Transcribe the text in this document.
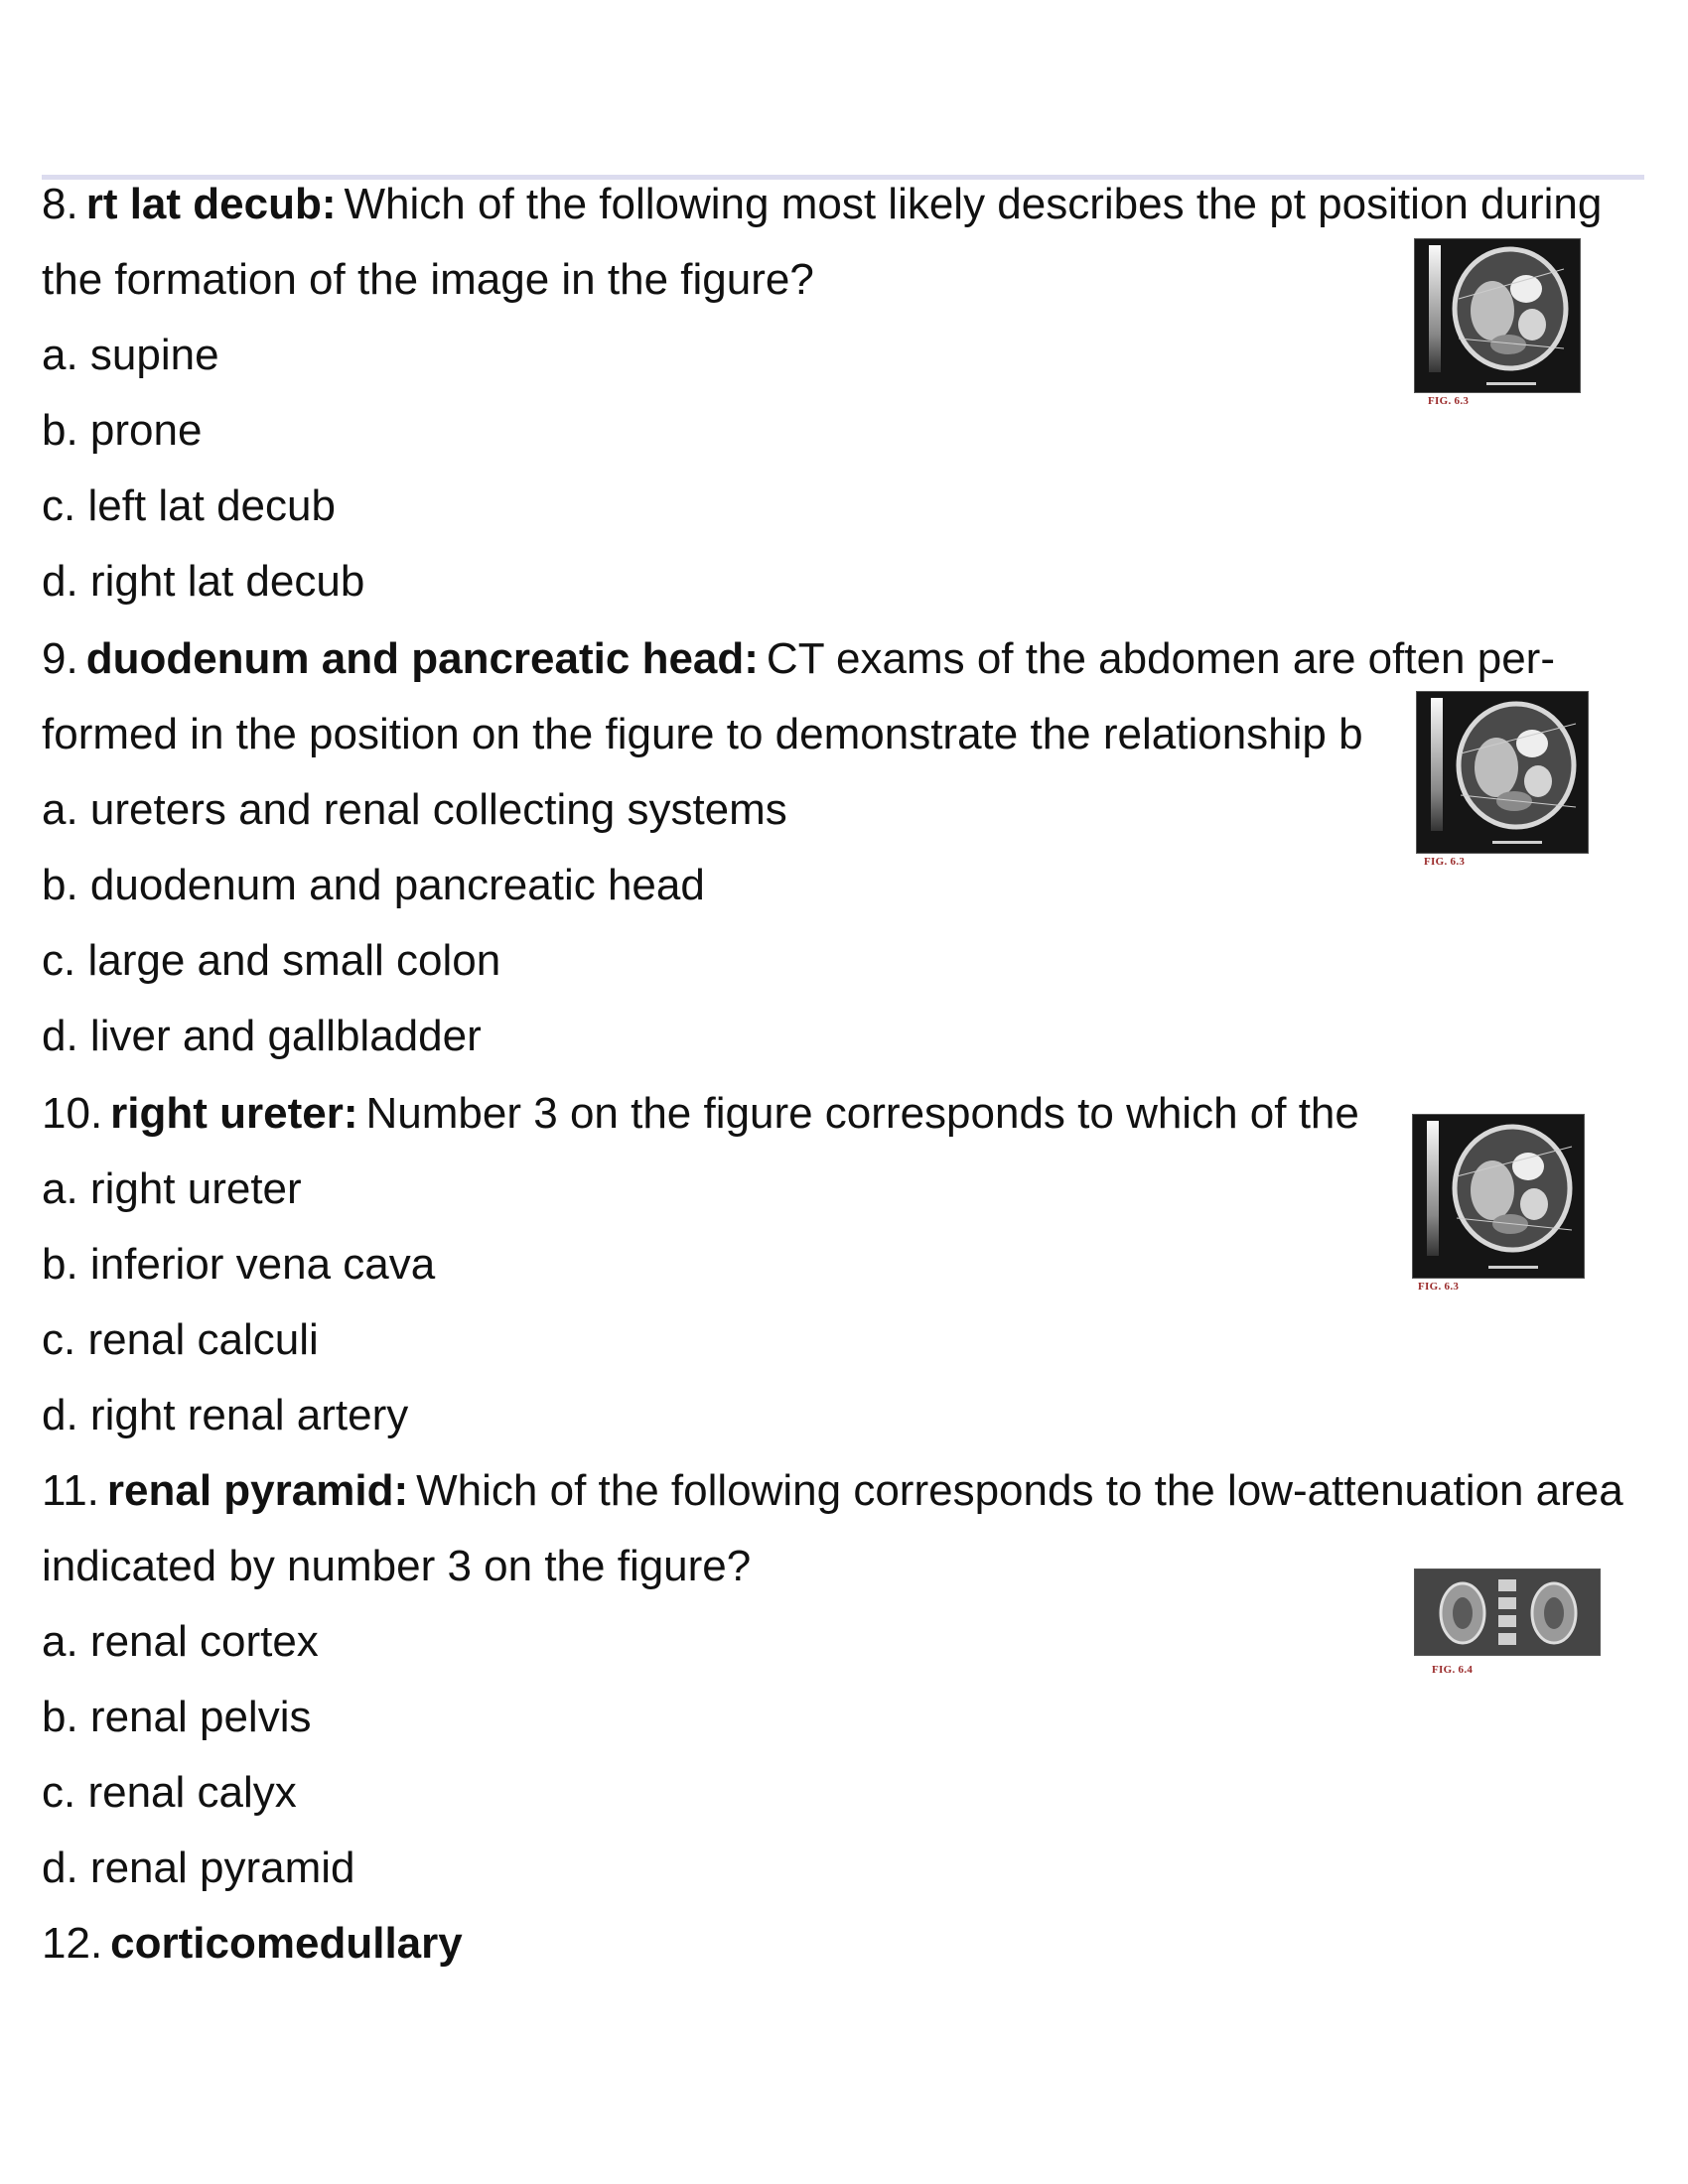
8. rt lat decub: Which of the following most likely describes the pt position during
the formation of the image in the figure?
a. supine
b. prone
c. left lat decub
d. right lat decub
FIG. 6.3
9. duodenum and pancreatic head: CT exams of the abdomen are often per-
formed in the position on the figure to demonstrate the relationship b
a. ureters and renal collecting systems
b. duodenum and pancreatic head
c. large and small colon
d. liver and gallbladder
FIG. 6.3
10. right ureter: Number 3 on the figure corresponds to which of the
a. right ureter
b. inferior vena cava
c. renal calculi
d. right renal artery
FIG. 6.3
11. renal pyramid: Which of the following corresponds to the low-attenuation area
indicated by number 3 on the figure?
a. renal cortex
b. renal pelvis
c. renal calyx
d. renal pyramid
FIG. 6.4
12. corticomedullary
